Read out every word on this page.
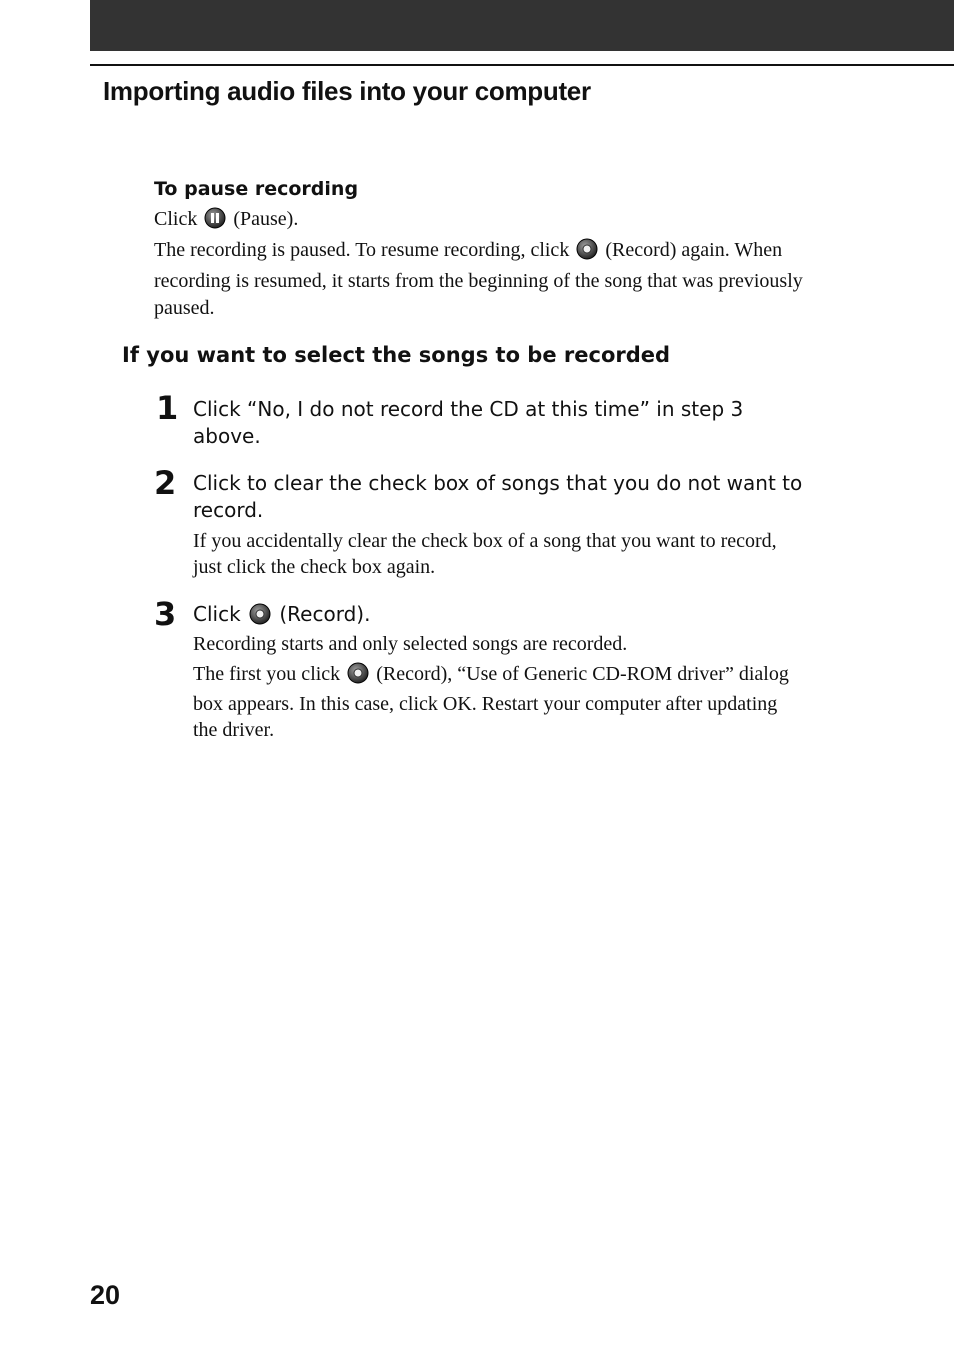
Importing audio files into your computer
To pause recording
Click (Pause).
The recording is paused. To resume recording, click (Record) again. When recording is resumed, it starts from the beginning of the song that was previously paused.
If you want to select the songs to be recorded
1 Click “No, I do not record the CD at this time” in step 3 above.
2 Click to clear the check box of songs that you do not want to record.
If you accidentally clear the check box of a song that you want to record, just click the check box again.
3 Click (Record).
Recording starts and only selected songs are recorded.
The first you click (Record), “Use of Generic CD-ROM driver” dialog box appears. In this case, click OK. Restart your computer after updating the driver.
20
